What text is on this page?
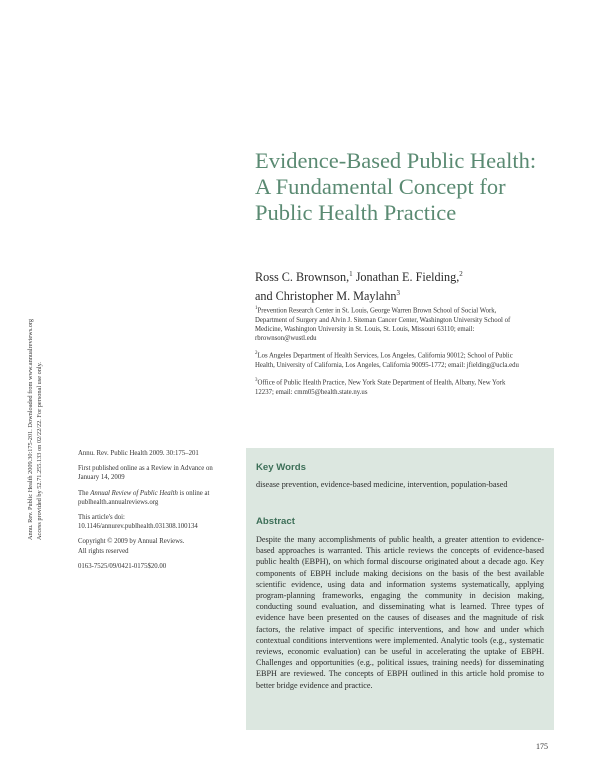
Annu. Rev. Public Health 2009.30:175-201. Downloaded from www.annualreviews.org Access provided by 52.71.255.133 on 02/22/22. For personal use only.
Evidence-Based Public Health: A Fundamental Concept for Public Health Practice
Ross C. Brownson,$^1$ Jonathan E. Fielding,$^2$
and Christopher M. Maylahn$^3$
$^1$Prevention Research Center in St. Louis, George Warren Brown School of Social Work, Department of Surgery and Alvin J. Siteman Cancer Center, Washington University School of Medicine, Washington University in St. Louis, St. Louis, Missouri 63110; email: rbrownson@wustl.edu
$^2$Los Angeles Department of Health Services, Los Angeles, California 90012; School of Public Health, University of California, Los Angeles, California 90095-1772; email: jfielding@ucla.edu
$^3$Office of Public Health Practice, New York State Department of Health, Albany, New York 12237; email: cmm05@health.state.ny.us
Annu. Rev. Public Health 2009. 30:175–201
First published online as a Review in Advance on January 14, 2009
The Annual Review of Public Health is online at publhealth.annualreviews.org
This article's doi:
10.1146/annurev.publhealth.031308.100134
Copyright © 2009 by Annual Reviews.
All rights reserved
0163-7525/09/0421-0175$20.00
Key Words
disease prevention, evidence-based medicine, intervention, population-based
Abstract
Despite the many accomplishments of public health, a greater attention to evidence-based approaches is warranted. This article reviews the concepts of evidence-based public health (EBPH), on which formal discourse originated about a decade ago. Key components of EBPH include making decisions on the basis of the best available scientific evidence, using data and information systems systematically, applying program-planning frameworks, engaging the community in decision making, conducting sound evaluation, and disseminating what is learned. Three types of evidence have been presented on the causes of diseases and the magnitude of risk factors, the relative impact of specific interventions, and how and under which contextual conditions interventions were implemented. Analytic tools (e.g., systematic reviews, economic evaluation) can be useful in accelerating the uptake of EBPH. Challenges and opportunities (e.g., political issues, training needs) for disseminating EBPH are reviewed. The concepts of EBPH outlined in this article hold promise to better bridge evidence and practice.
175
